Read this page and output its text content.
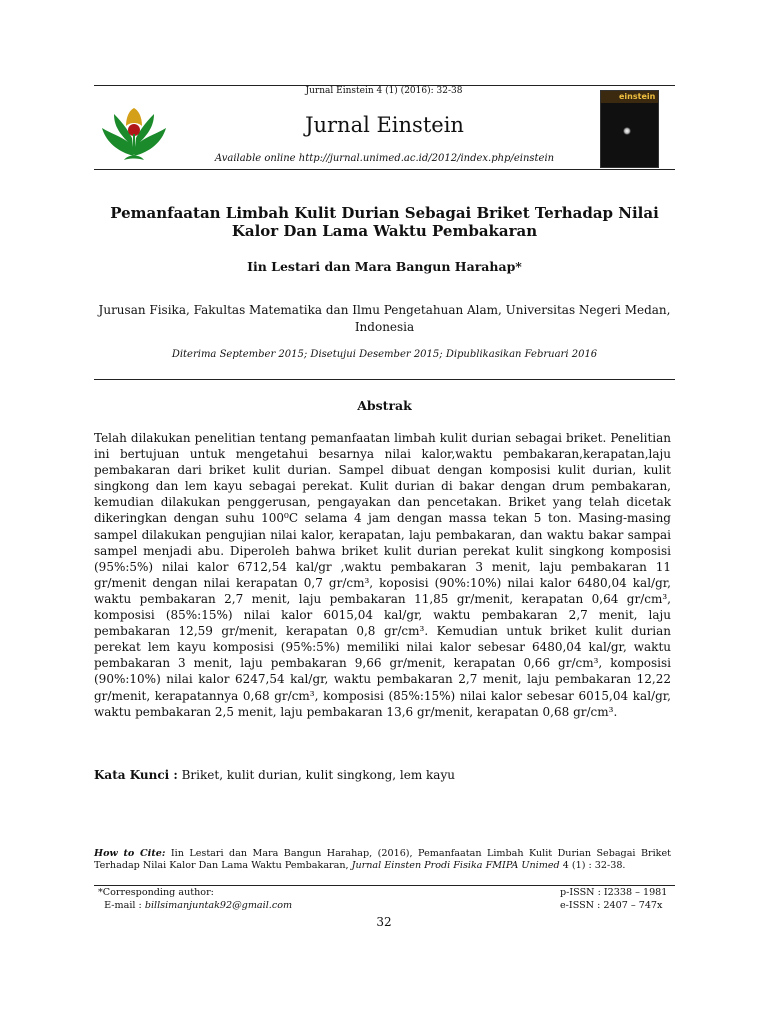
Jurnal Einstein 4 (1) (2016): 32-38
Jurnal Einstein
Available online http://jurnal.unimed.ac.id/2012/index.php/einstein
einstein
Pemanfaatan Limbah Kulit Durian Sebagai Briket Terhadap Nilai Kalor Dan Lama Waktu Pembakaran
Iin Lestari dan Mara Bangun Harahap*
Jurusan Fisika, Fakultas Matematika dan Ilmu Pengetahuan Alam, Universitas Negeri Medan, Indonesia
Diterima September 2015; Disetujui Desember 2015; Dipublikasikan Februari 2016
Abstrak
Telah dilakukan penelitian tentang pemanfaatan limbah kulit durian sebagai briket. Penelitian ini bertujuan untuk mengetahui besarnya nilai kalor,waktu pembakaran,kerapatan,laju pembakaran dari briket kulit durian. Sampel dibuat dengan komposisi kulit durian, kulit singkong dan lem kayu sebagai perekat. Kulit durian di bakar dengan drum pembakaran, kemudian dilakukan penggerusan, pengayakan dan pencetakan. Briket yang telah dicetak dikeringkan dengan suhu 100⁰C selama 4 jam dengan massa tekan 5 ton. Masing-masing sampel dilakukan pengujian nilai kalor, kerapatan, laju pembakaran, dan waktu bakar sampai sampel menjadi abu. Diperoleh bahwa briket kulit durian perekat kulit singkong komposisi (95%:5%) nilai kalor 6712,54 kal/gr ,waktu pembakaran 3 menit, laju pembakaran 11 gr/menit dengan nilai kerapatan 0,7 gr/cm³, koposisi (90%:10%) nilai kalor 6480,04 kal/gr, waktu pembakaran 2,7 menit, laju pembakaran 11,85 gr/menit, kerapatan 0,64 gr/cm³, komposisi (85%:15%) nilai kalor 6015,04 kal/gr, waktu pembakaran 2,7 menit, laju pembakaran 12,59 gr/menit, kerapatan 0,8 gr/cm³. Kemudian untuk briket kulit durian perekat lem kayu komposisi (95%:5%) memiliki nilai kalor sebesar 6480,04 kal/gr, waktu pembakaran 3 menit, laju pembakaran 9,66 gr/menit, kerapatan 0,66 gr/cm³, komposisi (90%:10%) nilai kalor 6247,54 kal/gr, waktu pembakaran 2,7 menit, laju pembakaran 12,22 gr/menit, kerapatannya 0,68 gr/cm³, komposisi (85%:15%) nilai kalor sebesar 6015,04 kal/gr, waktu pembakaran 2,5 menit, laju pembakaran 13,6 gr/menit, kerapatan 0,68 gr/cm³.
Kata Kunci : Briket, kulit durian, kulit singkong, lem kayu
How to Cite: Iin Lestari dan Mara Bangun Harahap, (2016), Pemanfaatan Limbah Kulit Durian Sebagai Briket Terhadap Nilai Kalor Dan Lama Waktu Pembakaran, Jurnal Einsten Prodi Fisika FMIPA Unimed 4 (1) : 32-38.
*Corresponding author:
E-mail : billsimanjuntak92@gmail.com
p-ISSN : I2338 – 1981
e-ISSN : 2407 – 747x
32
